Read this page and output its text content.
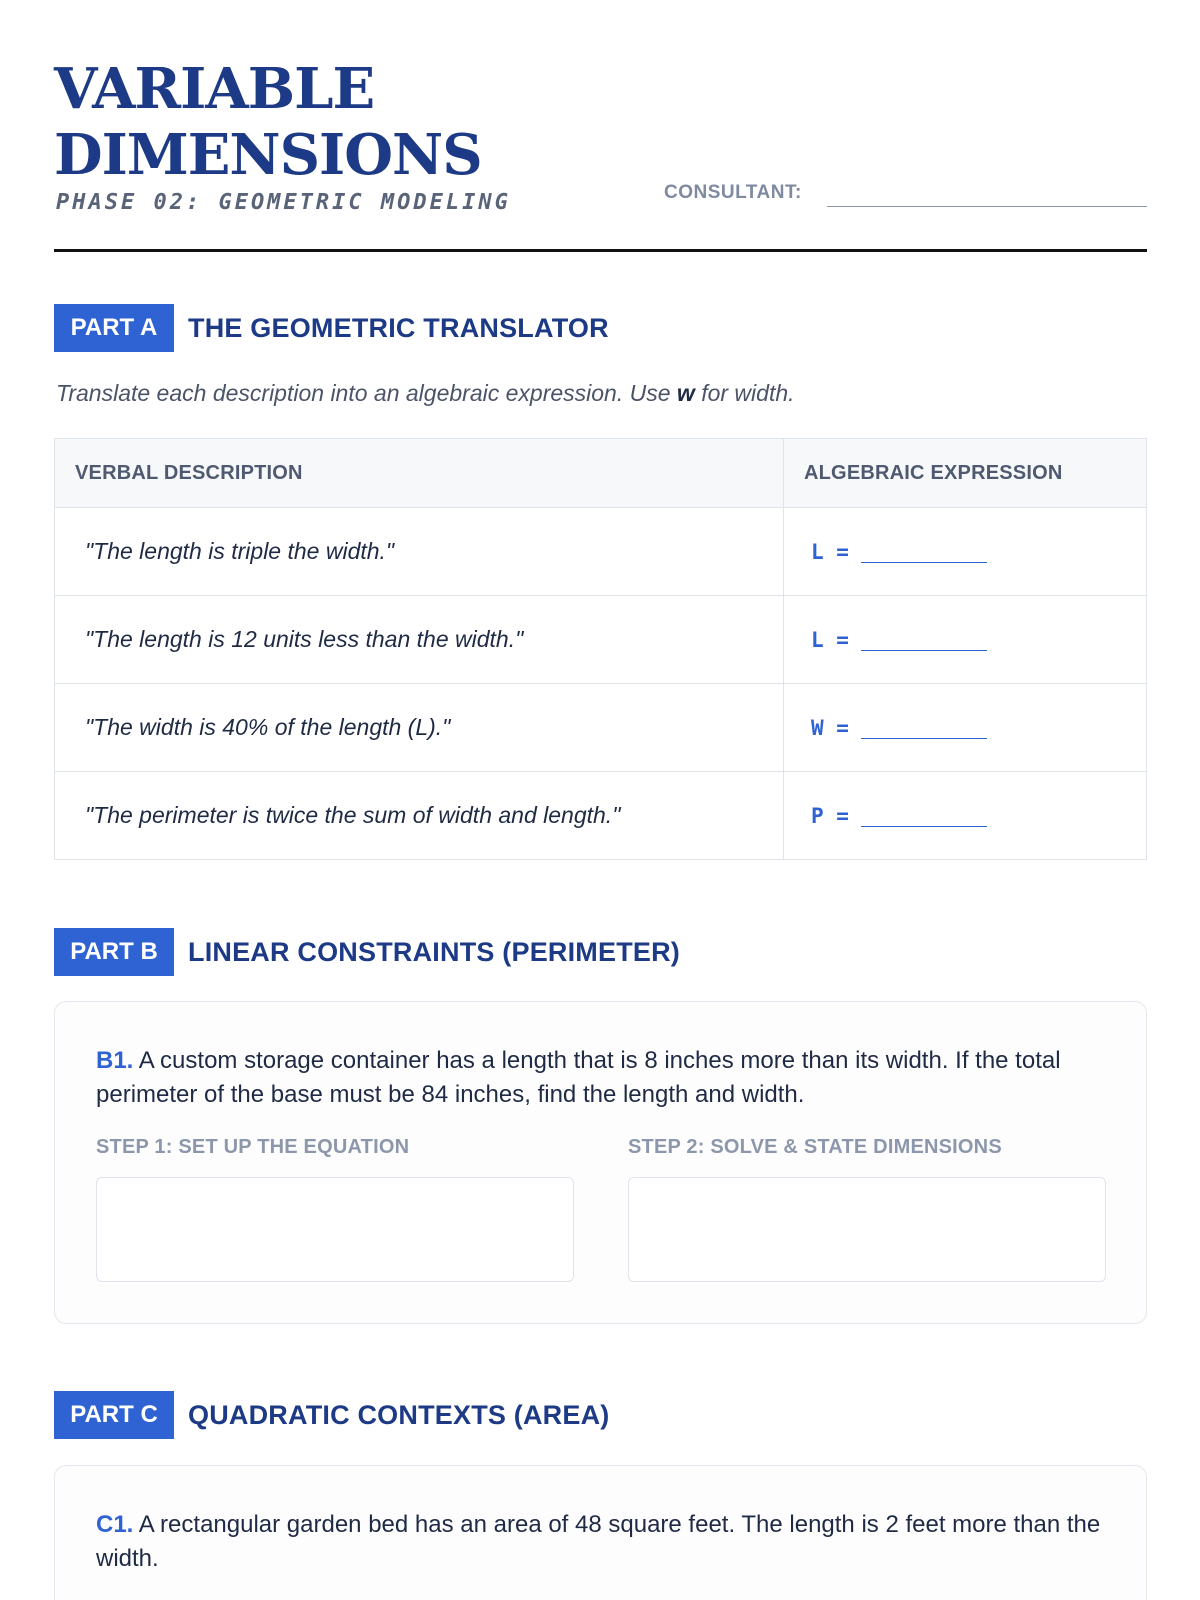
VARIABLE
DIMENSIONS
PHASE 02: GEOMETRIC MODELING	CONSULTANT:
PART A	THE GEOMETRIC TRANSLATOR
Translate each description into an algebraic expression. Use w for width.
VERBAL DESCRIPTION	ALGEBRAIC EXPRESSION
"The length is triple the width."	L =
"The length is 12 units less than the width."	L =
"The width is 40% of the length (L)."	W =
"The perimeter is twice the sum of width and length."	P =
PART B	LINEAR CONSTRAINTS (PERIMETER)
B1. A custom storage container has a length that is 8 inches more than its width. If the total perimeter of the base must be 84 inches, find the length and width.
STEP 1: SET UP THE EQUATION	STEP 2: SOLVE & STATE DIMENSIONS
PART C	QUADRATIC CONTEXTS (AREA)
C1. A rectangular garden bed has an area of 48 square feet. The length is 2 feet more than the width.
